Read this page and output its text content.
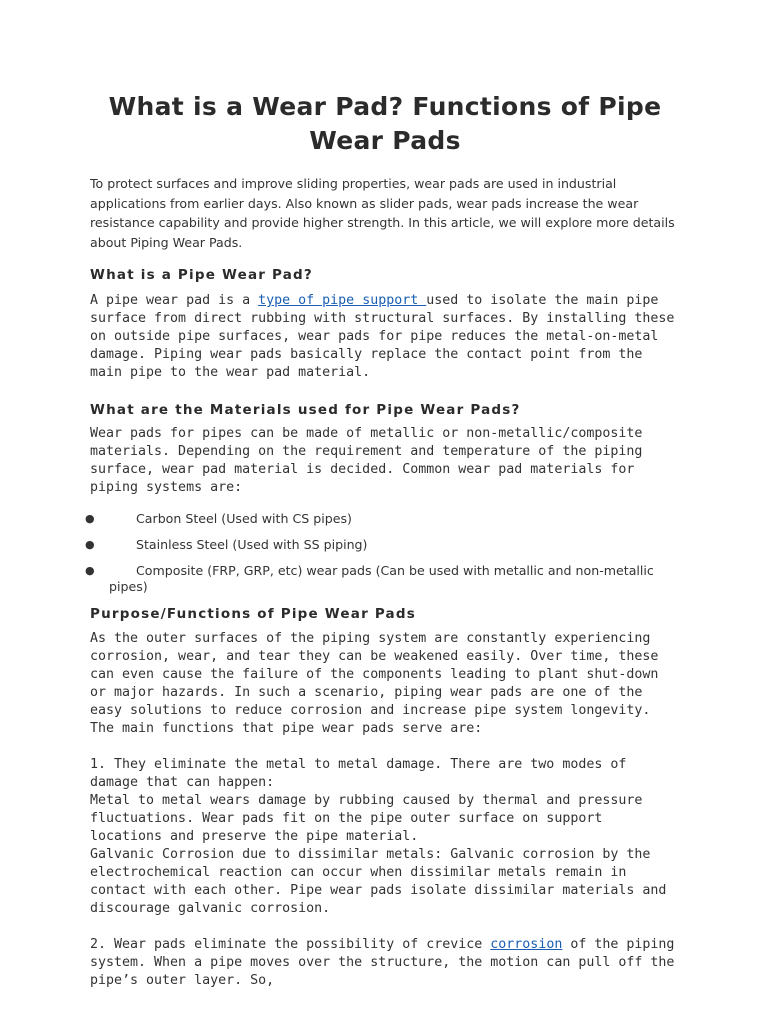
What is a Wear Pad? Functions of Pipe Wear Pads

To protect surfaces and improve sliding properties, wear pads are used in industrial applications from earlier days. Also known as slider pads, wear pads increase the wear resistance capability and provide higher strength. In this article, we will explore more details about Piping Wear Pads.

What is a Pipe Wear Pad?

A pipe wear pad is a type of pipe support used to isolate the main pipe surface from direct rubbing with structural surfaces. By installing these on outside pipe surfaces, wear pads for pipe reduces the metal-on-metal damage. Piping wear pads basically replace the contact point from the main pipe to the wear pad material.

What are the Materials used for Pipe Wear Pads?

Wear pads for pipes can be made of metallic or non-metallic/composite materials. Depending on the requirement and temperature of the piping surface, wear pad material is decided. Common wear pad materials for piping systems are:

●	Carbon Steel (Used with CS pipes)
●	Stainless Steel (Used with SS piping)
●	Composite (FRP, GRP, etc) wear pads (Can be used with metallic and non-metallic pipes)
Purpose/Functions of Pipe Wear Pads

As the outer surfaces of the piping system are constantly experiencing corrosion, wear, and tear they can be weakened easily. Over time, these can even cause the failure of the components leading to plant shut-down or major hazards. In such a scenario, piping wear pads are one of the easy solutions to reduce corrosion and increase pipe system longevity. The main functions that pipe wear pads serve are:

1. They eliminate the metal to metal damage. There are two modes of damage that can happen:
Metal to metal wears damage by rubbing caused by thermal and pressure fluctuations. Wear pads fit on the pipe outer surface on support locations and preserve the pipe material.
Galvanic Corrosion due to dissimilar metals: Galvanic corrosion by the electrochemical reaction can occur when dissimilar metals remain in contact with each other. Pipe wear pads isolate dissimilar materials and discourage galvanic corrosion.

2. Wear pads eliminate the possibility of crevice corrosion of the piping system. When a pipe moves over the structure, the motion can pull off the pipe’s outer layer. So,
